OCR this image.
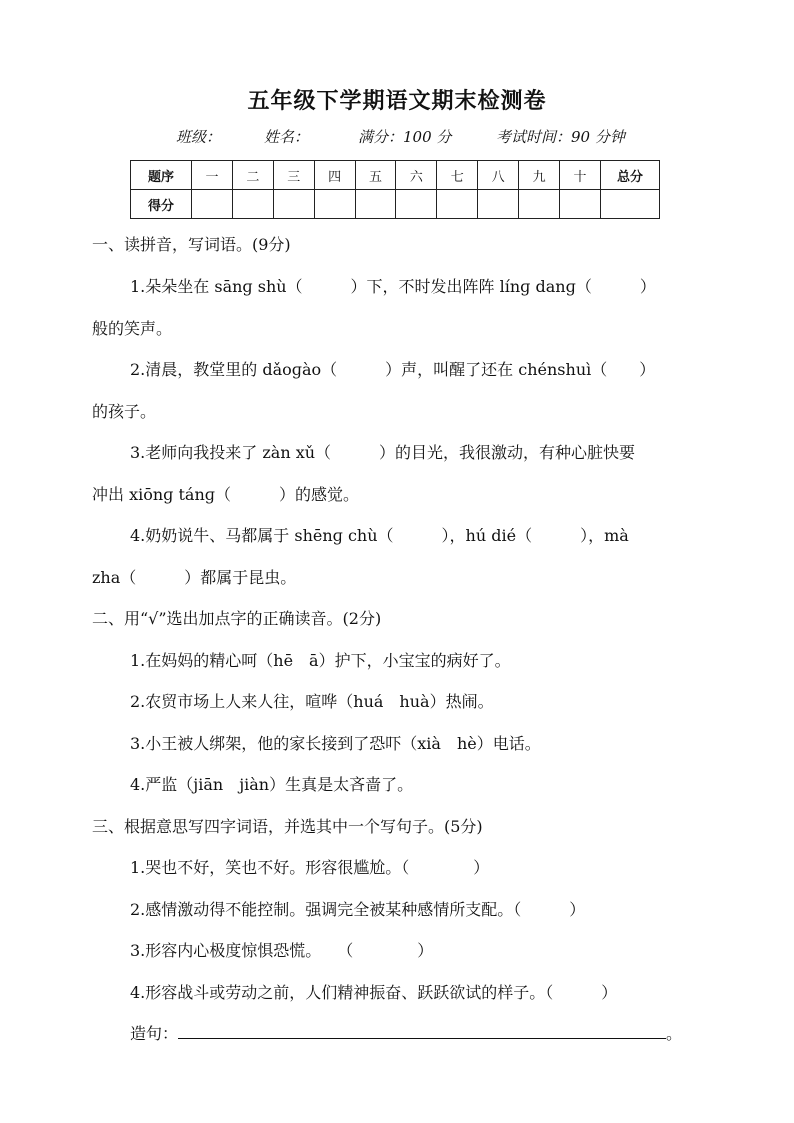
五年级下学期语文期末检测卷
班级：	姓名：	满分：100 分	考试时间：90 分钟
题序	一	二	三	四	五	六	七	八	九	十	总分
得分											
一、读拼音，写词语。(9分)
1.朵朵坐在 sānɡ shù（　　　）下，不时发出阵阵 línɡ danɡ（　　　）
般的笑声。
2.清晨，教堂里的 dǎoɡào（　　　）声，叫醒了还在 chénshuì（　　）
的孩子。
3.老师向我投来了 zàn xǔ（　　　）的目光，我很激动，有种心脏快要
冲出 xiōnɡ tánɡ（　　　）的感觉。
4.奶奶说牛、马都属于 shēnɡ chù（　　　），hú dié（　　　），mà
zha（　　　）都属于昆虫。
二、用“√”选出加点字的正确读音。(2分)
1.在妈妈的精心呵（hē　ā）护下，小宝宝的病好了。
2.农贸市场上人来人往，喧哗（huá　huà）热闹。
3.小王被人绑架，他的家长接到了恐吓（xià　hè）电话。
4.严监（jiān　jiàn）生真是太吝啬了。
三、根据意思写四字词语，并选其中一个写句子。(5分)
1.哭也不好，笑也不好。形容很尴尬。（　　　　）
2.感情激动得不能控制。强调完全被某种感情所支配。（　　　）
3.形容内心极度惊惧恐慌。　　（　　　　）
4.形容战斗或劳动之前，人们精神振奋、跃跃欲试的样子。（　　　）
造句：	。
